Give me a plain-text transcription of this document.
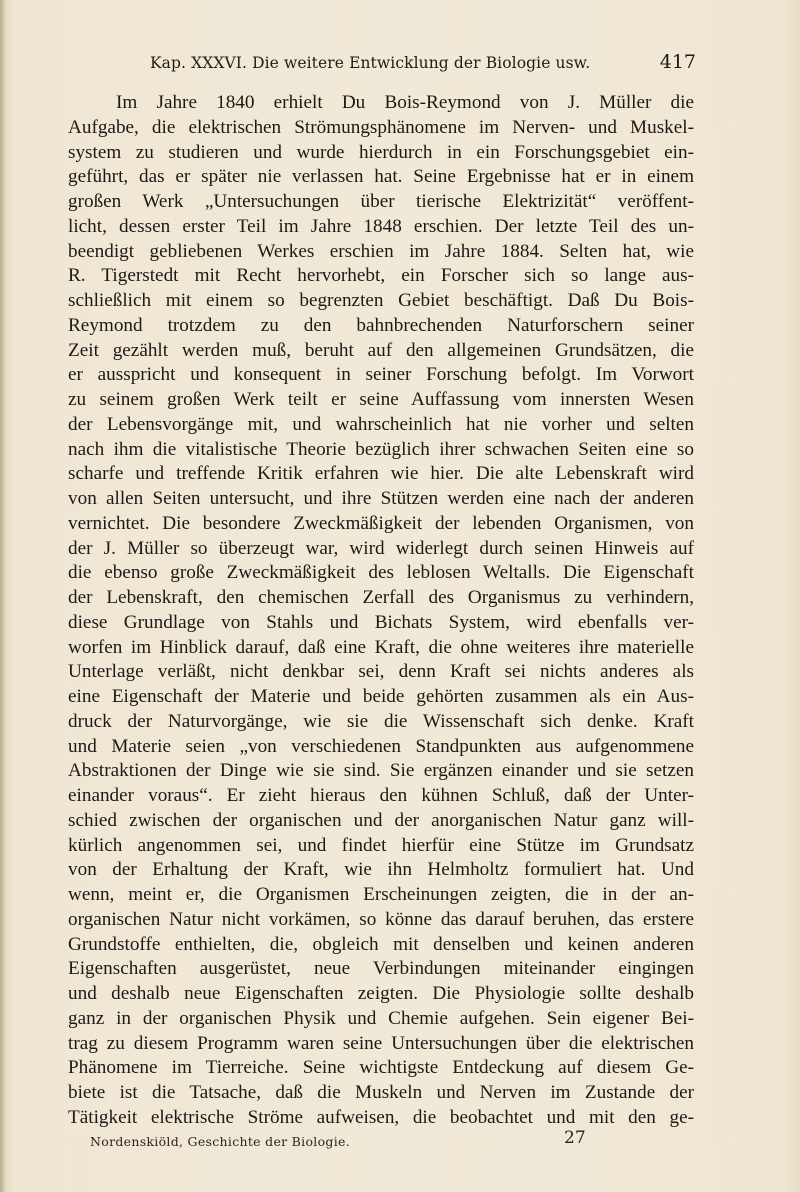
Kap. XXXVI. Die weitere Entwicklung der Biologie usw.	417
Im Jahre 1840 erhielt Du Bois-Reymond von J. Müller die
Aufgabe, die elektrischen Strömungsphänomene im Nerven- und Muskel-
system zu studieren und wurde hierdurch in ein Forschungsgebiet ein-
geführt, das er später nie verlassen hat. Seine Ergebnisse hat er in einem
großen Werk „Untersuchungen über tierische Elektrizität“ veröffent-
licht, dessen erster Teil im Jahre 1848 erschien. Der letzte Teil des un-
beendigt gebliebenen Werkes erschien im Jahre 1884. Selten hat, wie
R. Tigerstedt mit Recht hervorhebt, ein Forscher sich so lange aus-
schließlich mit einem so begrenzten Gebiet beschäftigt. Daß Du Bois-
Reymond trotzdem zu den bahnbrechenden Naturforschern seiner
Zeit gezählt werden muß, beruht auf den allgemeinen Grundsätzen, die
er ausspricht und konsequent in seiner Forschung befolgt. Im Vorwort
zu seinem großen Werk teilt er seine Auffassung vom innersten Wesen
der Lebensvorgänge mit, und wahrscheinlich hat nie vorher und selten
nach ihm die vitalistische Theorie bezüglich ihrer schwachen Seiten eine so
scharfe und treffende Kritik erfahren wie hier. Die alte Lebenskraft wird
von allen Seiten untersucht, und ihre Stützen werden eine nach der anderen
vernichtet. Die besondere Zweckmäßigkeit der lebenden Organismen, von
der J. Müller so überzeugt war, wird widerlegt durch seinen Hinweis auf
die ebenso große Zweckmäßigkeit des leblosen Weltalls. Die Eigenschaft
der Lebenskraft, den chemischen Zerfall des Organismus zu verhindern,
diese Grundlage von Stahls und Bichats System, wird ebenfalls ver-
worfen im Hinblick darauf, daß eine Kraft, die ohne weiteres ihre materielle
Unterlage verläßt, nicht denkbar sei, denn Kraft sei nichts anderes als
eine Eigenschaft der Materie und beide gehörten zusammen als ein Aus-
druck der Naturvorgänge, wie sie die Wissenschaft sich denke. Kraft
und Materie seien „von verschiedenen Standpunkten aus aufgenommene
Abstraktionen der Dinge wie sie sind. Sie ergänzen einander und sie setzen
einander voraus“. Er zieht hieraus den kühnen Schluß, daß der Unter-
schied zwischen der organischen und der anorganischen Natur ganz will-
kürlich angenommen sei, und findet hierfür eine Stütze im Grundsatz
von der Erhaltung der Kraft, wie ihn Helmholtz formuliert hat. Und
wenn, meint er, die Organismen Erscheinungen zeigten, die in der an-
organischen Natur nicht vorkämen, so könne das darauf beruhen, das erstere
Grundstoffe enthielten, die, obgleich mit denselben und keinen anderen
Eigenschaften ausgerüstet, neue Verbindungen miteinander eingingen
und deshalb neue Eigenschaften zeigten. Die Physiologie sollte deshalb
ganz in der organischen Physik und Chemie aufgehen. Sein eigener Bei-
trag zu diesem Programm waren seine Untersuchungen über die elektrischen
Phänomene im Tierreiche. Seine wichtigste Entdeckung auf diesem Ge-
biete ist die Tatsache, daß die Muskeln und Nerven im Zustande der
Tätigkeit elektrische Ströme aufweisen, die beobachtet und mit den ge-
Nordenskiöld, Geschichte der Biologie.	27
